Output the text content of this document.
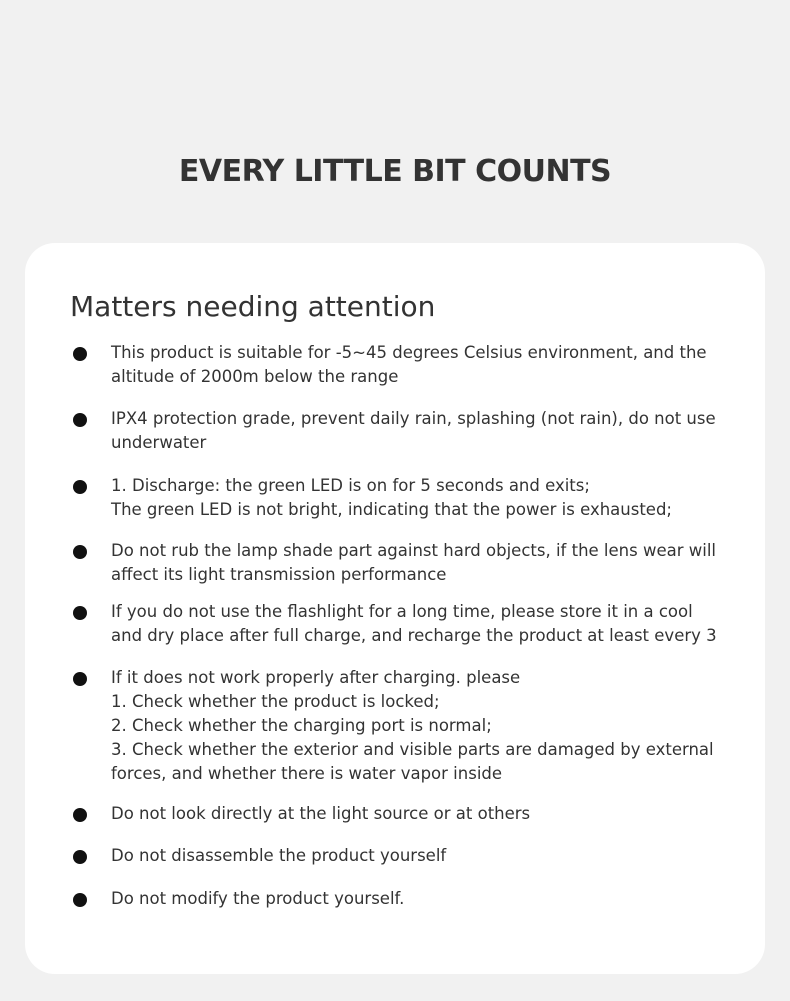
EVERY LITTLE BIT COUNTS
Matters needing attention
This product is suitable for -5~45 degrees Celsius environment, and the
altitude of 2000m below the range
IPX4 protection grade, prevent daily rain, splashing (not rain), do not use
underwater
1. Discharge: the green LED is on for 5 seconds and exits;
The green LED is not bright, indicating that the power is exhausted;
Do not rub the lamp shade part against hard objects, if the lens wear will
affect its light transmission performance
If you do not use the flashlight for a long time, please store it in a cool
and dry place after full charge, and recharge the product at least every 3
If it does not work properly after charging. please
1. Check whether the product is locked;
2. Check whether the charging port is normal;
3. Check whether the exterior and visible parts are damaged by external
forces, and whether there is water vapor inside
Do not look directly at the light source or at others
Do not disassemble the product yourself
Do not modify the product yourself.
